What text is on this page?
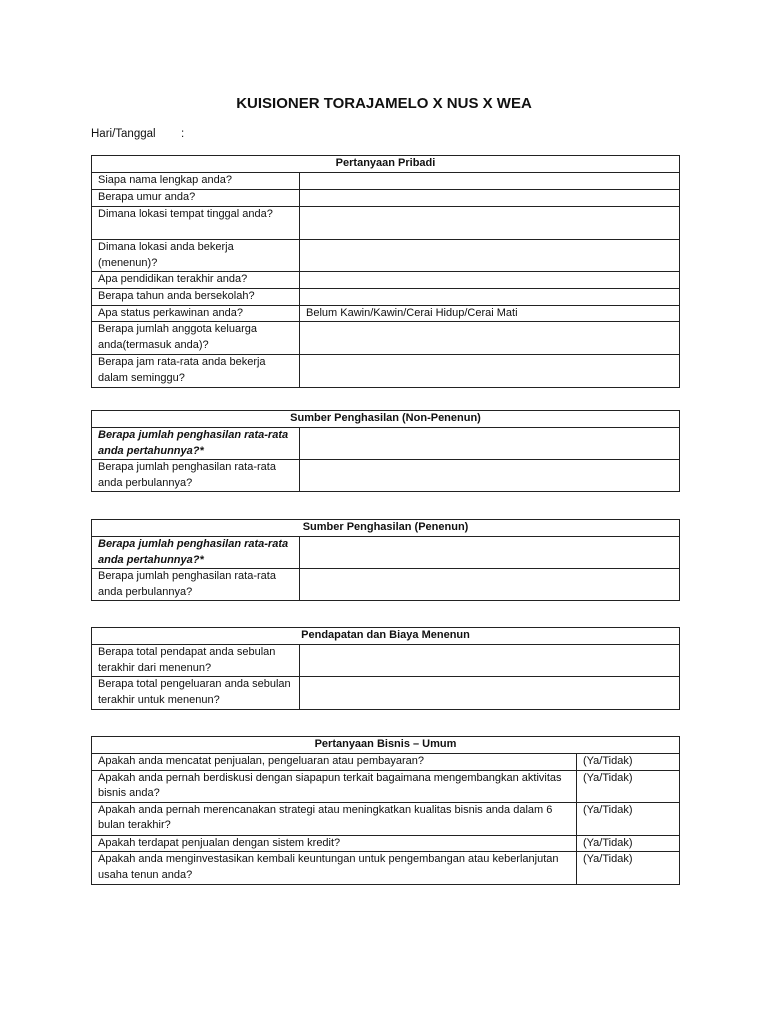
KUISIONER TORAJAMELO X NUS X WEA
Hari/Tanggal :
Pertanyaan Pribadi	
Siapa nama lengkap anda?	
Berapa umur anda?	
Dimana lokasi tempat tinggal anda?	
Dimana lokasi anda bekerja (menenun)?	
Apa pendidikan terakhir anda?	
Berapa tahun anda bersekolah?	
Apa status perkawinan anda?	Belum Kawin/Kawin/Cerai Hidup/Cerai Mati
Berapa jumlah anggota keluarga anda(termasuk anda)?	
Berapa jam rata-rata anda bekerja dalam seminggu?	
Sumber Penghasilan (Non-Penenun)	
Berapa jumlah penghasilan rata-rata anda pertahunnya?*	
Berapa jumlah penghasilan rata-rata anda perbulannya?	
Sumber Penghasilan (Penenun)	
Berapa jumlah penghasilan rata-rata anda pertahunnya?*	
Berapa jumlah penghasilan rata-rata anda perbulannya?	
Pendapatan dan Biaya Menenun	
Berapa total pendapat anda sebulan terakhir dari menenun?	
Berapa total pengeluaran anda sebulan terakhir untuk menenun?	
Pertanyaan Bisnis – Umum	
Apakah anda mencatat penjualan, pengeluaran atau pembayaran?	(Ya/Tidak)
Apakah anda pernah berdiskusi dengan siapapun terkait bagaimana mengembangkan aktivitas bisnis anda?	(Ya/Tidak)
Apakah anda pernah merencanakan strategi atau meningkatkan kualitas bisnis anda dalam 6 bulan terakhir?	(Ya/Tidak)
Apakah terdapat penjualan dengan sistem kredit?	(Ya/Tidak)
Apakah anda menginvestasikan kembali keuntungan untuk pengembangan atau keberlanjutan usaha tenun anda?	(Ya/Tidak)
